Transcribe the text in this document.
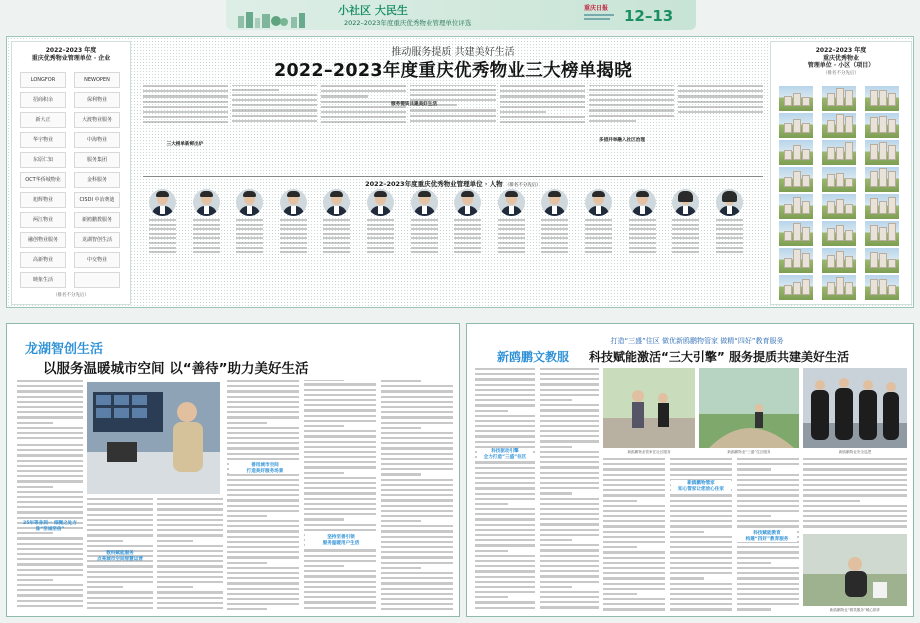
小社区 大民生
2022–2023年度重庆优秀物业管理单位评选
重庆日报 12–13
2022–2023 年度
重庆优秀物业管理单位 · 企业
LONGFOR	NEWOPEN
招商积余	保利物业
新大正	大渡物业服务
华宇物业	中海物业
东原仁知	服务集团
OCT华侨城物业	金科服务
旭辉物业	CISDI 中冶赛迪
两江物业	新鸥鹏教服务
融创物业服务	龙湖智创生活
高新物业	中交物业
映象生活
（排名不分先后）
推动服务提质 共建美好生活
2022–2023年度重庆优秀物业三大榜单揭晓
三大榜单新鲜出炉
服务提质共建美好生活
多措并举融入社区治理
2022–2023年度重庆优秀物业管理单位 · 人物 （排名不分先后）
2022–2023 年度
重庆优秀物业
管理单位 · 小区（项目）
（排名不分先后）
龙湖智创生活
以服务温暖城市空间 以“善待”助力美好生活
25年等身到一 细微之处方显“至诚至信”
数科赋能服务
点亮城市空间智慧运营
善用城市空间
打造美好服务场景
坚持至善引领
服务温暖用户生活
打造“三盛”住区 做优新鸥鹏物管家 做精“四好”教育服务
新鸥鹏文教服 科技赋能激活“三大引擎” 服务提质共建美好生活
科技驱动引擎
全力打造“三盛”住区
新鸥鹏物业管家在社区服务	新鸥鹏物业“三盛”住区服务	新鸥鹏物业安全巡逻
新鸥鹏物管家
知心管家让您放心住家
科技赋能教育
构建“四好”教育服务
新鸥鹏物业“微笑服务”暖心陪伴
